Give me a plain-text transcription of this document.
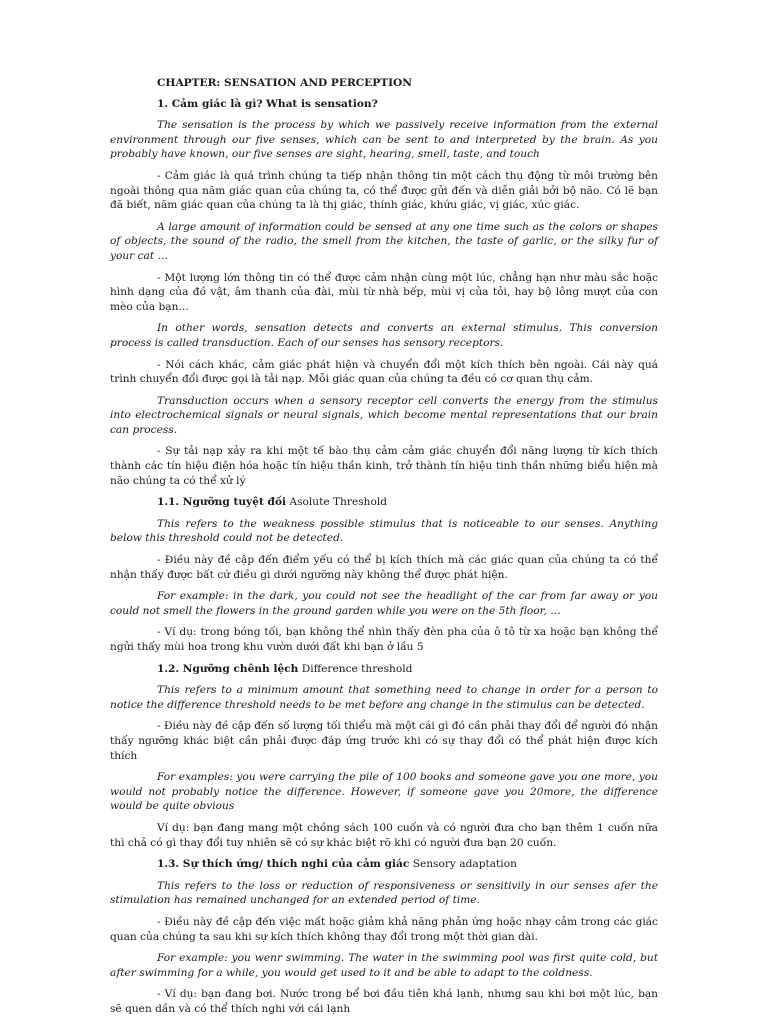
CHAPTER: SENSATION AND PERCEPTION

1. Cảm giác là gì? What is sensation?

The sensation is the process by which we passively receive information from the external environment through our five senses, which can be sent to and interpreted by the brain. As you probably have known, our five senses are sight, hearing, smell, taste, and touch

- Cảm giác là quá trình chúng ta tiếp nhận thông tin một cách thụ động từ môi trường bên ngoài thông qua năm giác quan của chúng ta, có thể được gửi đến và diễn giải bởi bộ não. Có lẽ bạn đã biết, năm giác quan của chúng ta là thị giác, thính giác, khứu giác, vị giác, xúc giác.

A large amount of information could be sensed at any one time such as the colors or shapes of objects, the sound of the radio, the smell from the kitchen, the taste of garlic, or the silky fur of your cat …

- Một lượng lớn thông tin có thể được cảm nhận cùng một lúc, chẳng hạn như màu sắc hoặc hình dạng của đồ vật, âm thanh của đài, mùi từ nhà bếp, mùi vị của tỏi, hay bộ lông mượt của con mèo của bạn…

In other words, sensation detects and converts an external stimulus. This conversion process is called transduction. Each of our senses has sensory receptors.

- Nói cách khác, cảm giác phát hiện và chuyển đổi một kích thích bên ngoài. Cái này quá trình chuyển đổi được gọi là tải nạp. Mỗi giác quan của chúng ta đều có cơ quan thụ cảm.

Transduction occurs when a sensory receptor cell converts the energy from the stimulus into electrochemical signals or neural signals, which become mental representations that our brain can process.

- Sự tải nạp xảy ra khi một tế bào thụ cảm cảm giác chuyển đổi năng lượng từ kích thích thành các tín hiệu điện hóa hoặc tín hiệu thần kinh, trở thành tín hiệu tinh thần những biểu hiện mà não chúng ta có thể xử lý

1.1. Ngưỡng tuyệt đối Asolute Threshold

This refers to the weakness possible stimulus that is noticeable to our senses. Anything below this threshold could not be detected.

- Điều này đề cập đến điểm yếu có thể bị kích thích mà các giác quan của chúng ta có thể nhận thấy được bất cứ điều gì dưới ngưỡng này không thể được phát hiện.

For example: in the dark, you could not see the headlight of the car from far away or you could not smell the flowers in the ground garden while you were on the 5th floor, …

- Ví dụ: trong bóng tối, bạn không thể nhìn thấy đèn pha của ô tô từ xa hoặc bạn không thể ngửi thấy mùi hoa trong khu vườn dưới đất khi bạn ở lầu 5

1.2. Ngưỡng chênh lệch Difference threshold

This refers to a minimum amount that something need to change in order for a person to notice the difference threshold needs to be met before ang change in the stimulus can be detected.

- Điều này đề cập đến số lượng tối thiểu mà một cái gì đó cần phải thay đổi để người đó nhận thấy ngưỡng khác biệt cần phải được đáp ứng trước khi có sự thay đổi có thể phát hiện được kích thích

For examples: you were carrying the pile of 100 books and someone gave you one more, you would not probably notice the difference. However, if someone gave you 20more, the difference would be quite obvious

Ví dụ: bạn đang mang một chồng sách 100 cuốn và có người đưa cho bạn thêm 1 cuốn nữa thì chả có gì thay đổi tuy nhiên sẽ có sự khác biệt rõ khi có người đưa bạn 20 cuốn.

1.3. Sự thích ứng/ thích nghi của cảm giác Sensory adaptation

This refers to the loss or reduction of responsiveness or sensitivily in our senses afer the stimulation has remained unchanged for an extended period of time.

- Điều này đề cập đến việc mất hoặc giảm khả năng phản ứng hoặc nhạy cảm trong các giác quan của chúng ta sau khi sự kích thích không thay đổi trong một thời gian dài.

For example: you wenr swimming. The water in the swimming pool was first quite cold, but after swimming for a while, you would get used to it and be able to adapt to the coldness.

- Ví dụ: bạn đang bơi. Nước trong bể bơi đầu tiên khá lạnh, nhưng sau khi bơi một lúc, bạn sẽ quen dần và có thể thích nghi với cái lạnh
